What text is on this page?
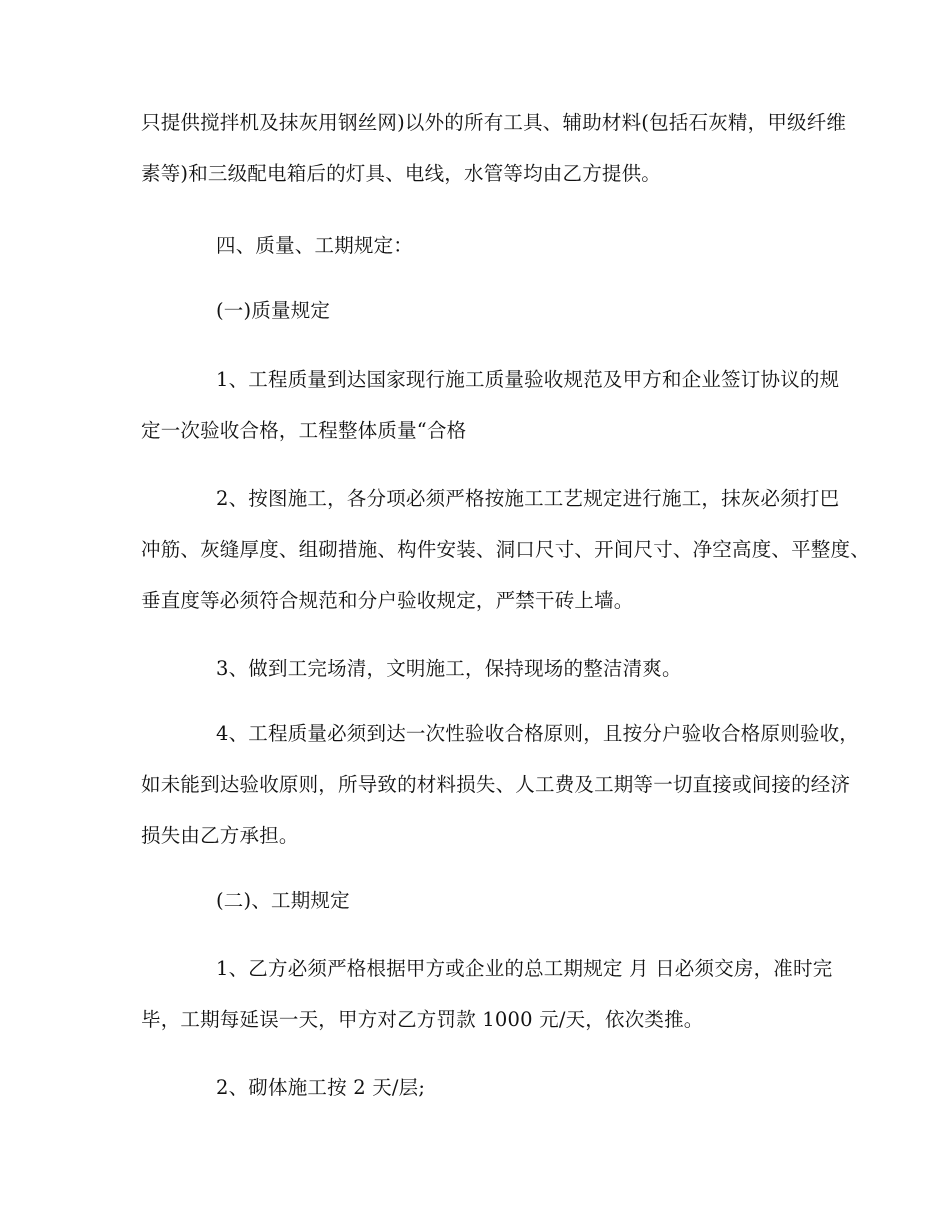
只提供搅拌机及抹灰用钢丝网)以外的所有工具、辅助材料(包括石灰精，甲级纤维
素等)和三级配电箱后的灯具、电线，水管等均由乙方提供。
四、质量、工期规定：
(一)质量规定
1、工程质量到达国家现行施工质量验收规范及甲方和企业签订协议的规
定一次验收合格，工程整体质量“合格
2、按图施工，各分项必须严格按施工工艺规定进行施工，抹灰必须打巴
冲筋、灰缝厚度、组砌措施、构件安装、洞口尺寸、开间尺寸、净空高度、平整度、
垂直度等必须符合规范和分户验收规定，严禁干砖上墙。
3、做到工完场清，文明施工，保持现场的整洁清爽。
4、工程质量必须到达一次性验收合格原则，且按分户验收合格原则验收，
如未能到达验收原则，所导致的材料损失、人工费及工期等一切直接或间接的经济
损失由乙方承担。
(二)、工期规定
1、乙方必须严格根据甲方或企业的总工期规定 月 日必须交房，准时完
毕，工期每延误一天，甲方对乙方罚款 1000 元/天，依次类推。
2、砌体施工按 2 天/层;
